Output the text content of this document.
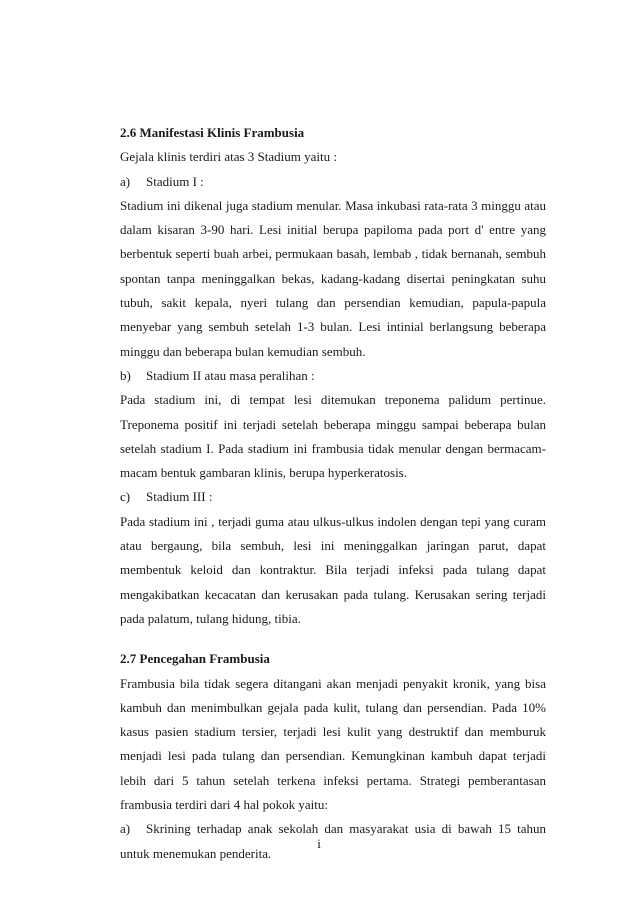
2.6 Manifestasi Klinis Frambusia
Gejala klinis terdiri atas 3 Stadium yaitu :
a) Stadium I :
Stadium ini dikenal juga stadium menular. Masa inkubasi rata-rata 3 minggu atau
dalam kisaran 3-90 hari. Lesi initial berupa papiloma pada port d' entre yang
berbentuk seperti buah arbei, permukaan basah, lembab , tidak bernanah, sembuh
spontan tanpa meninggalkan bekas, kadang-kadang disertai peningkatan suhu
tubuh, sakit kepala, nyeri tulang dan persendian kemudian, papula-papula
menyebar yang sembuh setelah 1-3 bulan. Lesi intinial berlangsung beberapa
minggu dan beberapa bulan kemudian sembuh.
b) Stadium II atau masa peralihan :
Pada stadium ini, di tempat lesi ditemukan treponema palidum pertinue.
Treponema positif ini terjadi setelah beberapa minggu sampai beberapa bulan
setelah stadium I. Pada stadium ini frambusia tidak menular dengan bermacam-
macam bentuk gambaran klinis, berupa hyperkeratosis.
c) Stadium III :
Pada stadium ini , terjadi guma atau ulkus-ulkus indolen dengan tepi yang curam
atau bergaung, bila sembuh, lesi ini meninggalkan jaringan parut, dapat
membentuk keloid dan kontraktur. Bila terjadi infeksi pada tulang dapat
mengakibatkan kecacatan dan kerusakan pada tulang. Kerusakan sering terjadi
pada palatum, tulang hidung, tibia.
2.7 Pencegahan Frambusia
Frambusia bila tidak segera ditangani akan menjadi penyakit kronik, yang bisa
kambuh dan menimbulkan gejala pada kulit, tulang dan persendian. Pada 10%
kasus pasien stadium tersier, terjadi lesi kulit yang destruktif dan memburuk
menjadi lesi pada tulang dan persendian. Kemungkinan kambuh dapat terjadi
lebih dari 5 tahun setelah terkena infeksi pertama. Strategi pemberantasan
frambusia terdiri dari 4 hal pokok yaitu:
a) Skrining terhadap anak sekolah dan masyarakat usia di bawah 15 tahun
untuk menemukan penderita.
i
